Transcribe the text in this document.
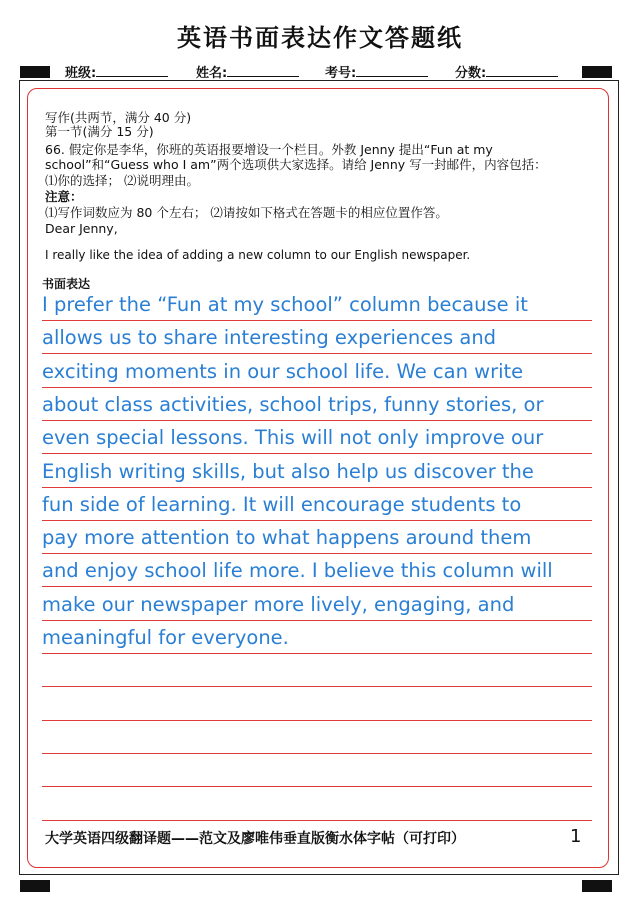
英语书面表达作文答题纸
班级:	姓名:	考号:	分数:
写作(共两节，满分 40 分)
第一节(满分 15 分)
66. 假定你是李华，你班的英语报要增设一个栏目。外教 Jenny 提出“Fun at my
school”和“Guess who I am”两个选项供大家选择。请给 Jenny 写一封邮件，内容包括：
⑴你的选择； ⑵说明理由。
注意：
⑴写作词数应为 80 个左右； ⑵请按如下格式在答题卡的相应位置作答。
Dear Jenny,
I really like the idea of adding a new column to our English newspaper.
书面表达
I prefer the “Fun at my school” column because it
allows us to share interesting experiences and
exciting moments in our school life. We can write
about class activities, school trips, funny stories, or
even special lessons. This will not only improve our
English writing skills, but also help us discover the
fun side of learning. It will encourage students to
pay more attention to what happens around them
and enjoy school life more. I believe this column will
make our newspaper more lively, engaging, and
meaningful for everyone.
大学英语四级翻译题——范文及廖唯伟垂直版衡水体字帖（可打印）	1
